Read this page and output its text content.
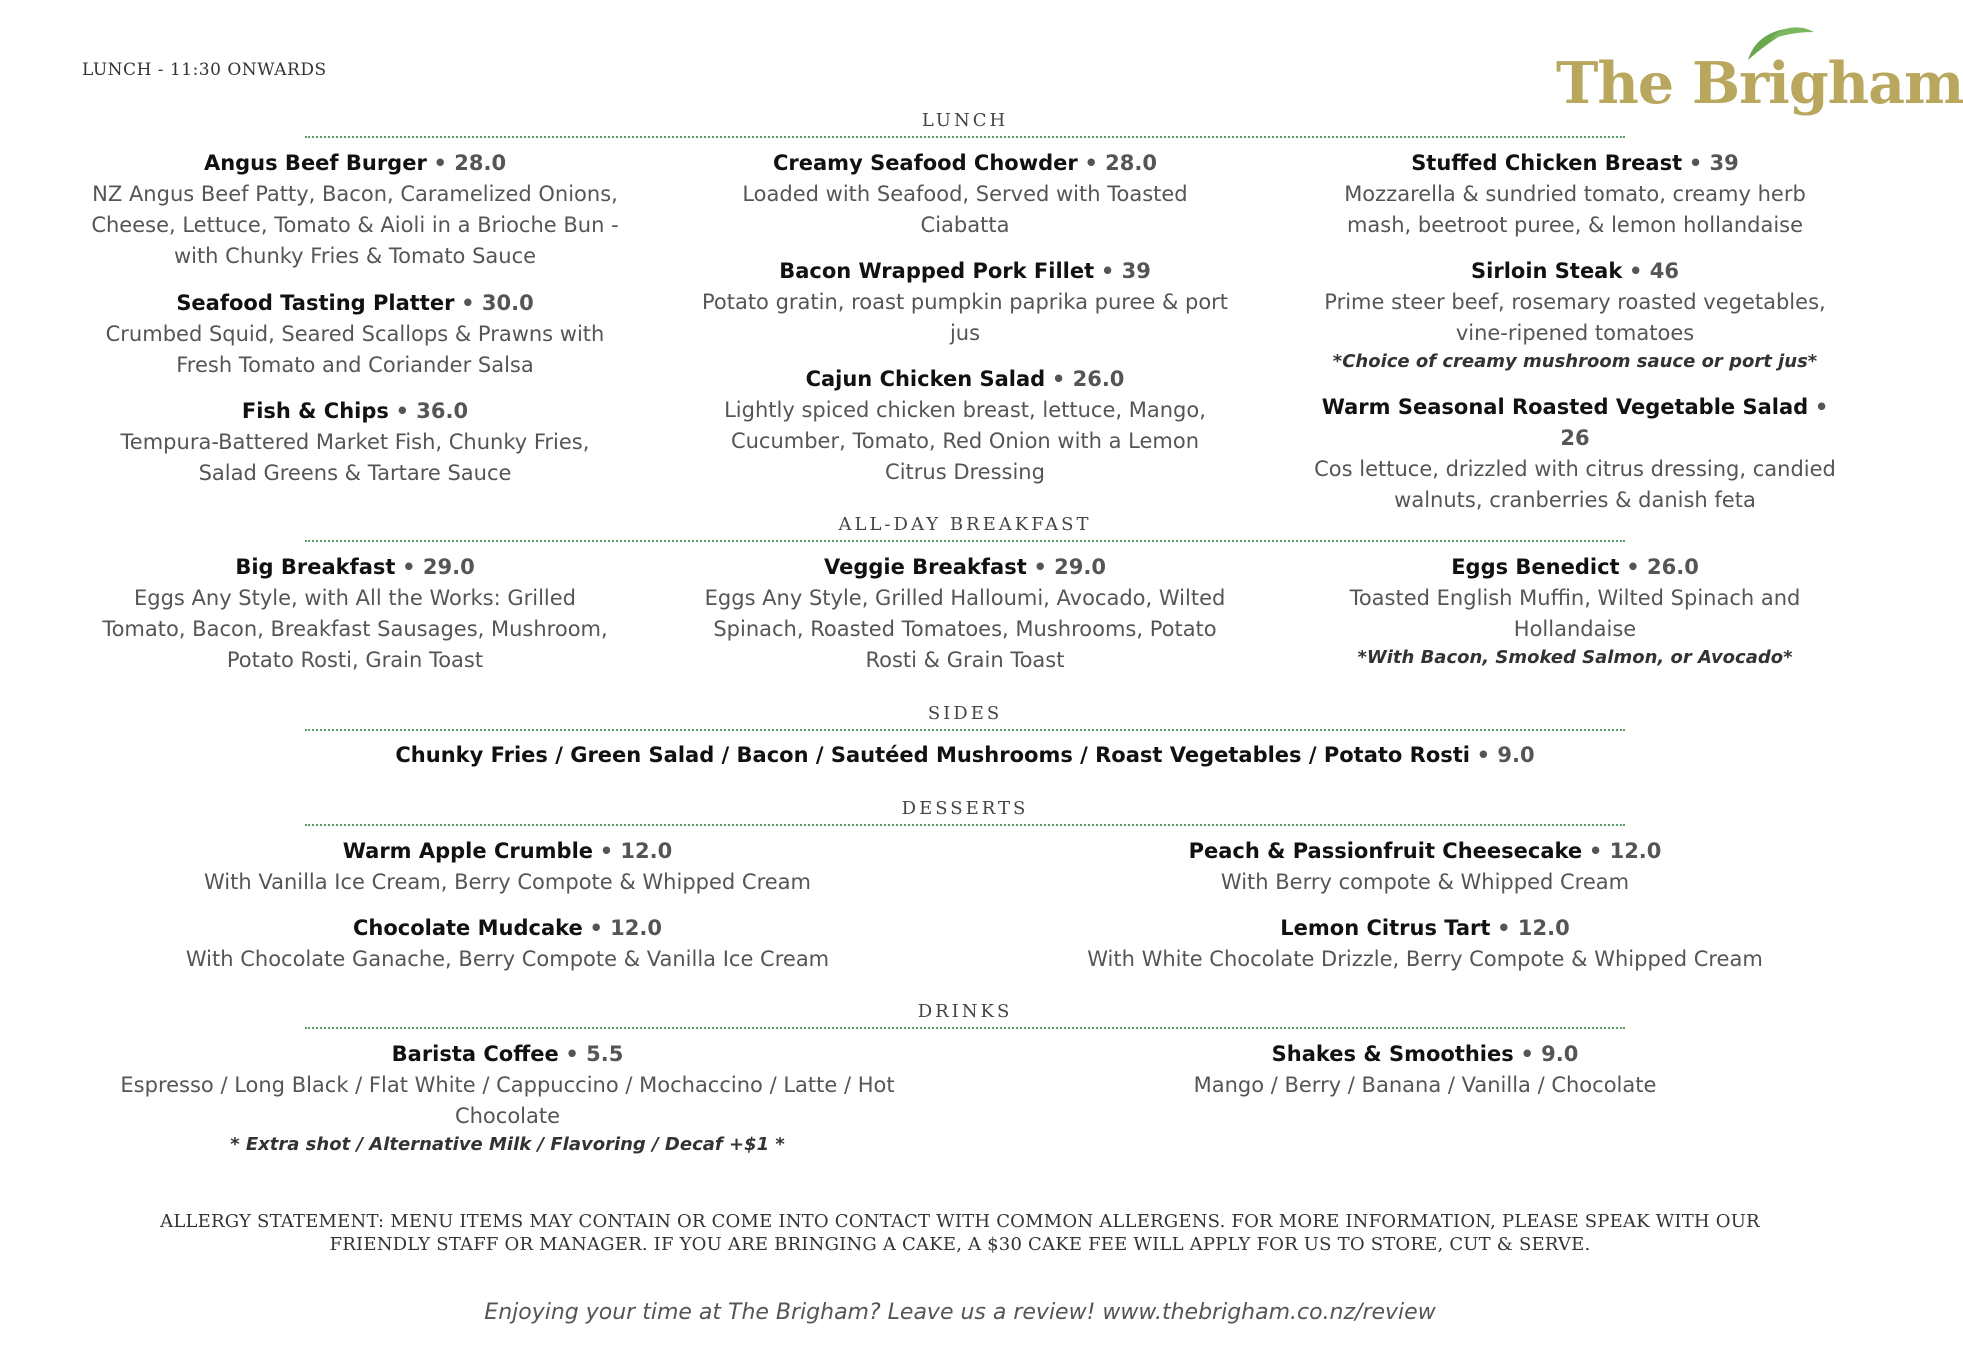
LUNCH - 11:30 ONWARDS	The Brigham
LUNCH
Angus Beef Burger • 28.0
NZ Angus Beef Patty, Bacon, Caramelized Onions, Cheese, Lettuce, Tomato & Aioli in a Brioche Bun - with Chunky Fries & Tomato Sauce
Seafood Tasting Platter • 30.0
Crumbed Squid, Seared Scallops & Prawns with Fresh Tomato and Coriander Salsa
Fish & Chips • 36.0
Tempura-Battered Market Fish, Chunky Fries, Salad Greens & Tartare Sauce
Creamy Seafood Chowder • 28.0
Loaded with Seafood, Served with Toasted Ciabatta
Bacon Wrapped Pork Fillet • 39
Potato gratin, roast pumpkin paprika puree & port jus
Cajun Chicken Salad • 26.0
Lightly spiced chicken breast, lettuce, Mango, Cucumber, Tomato, Red Onion with a Lemon Citrus Dressing
Stuffed Chicken Breast • 39
Mozzarella & sundried tomato, creamy herb mash, beetroot puree, & lemon hollandaise
Sirloin Steak • 46
Prime steer beef, rosemary roasted vegetables, vine-ripened tomatoes
*Choice of creamy mushroom sauce or port jus*
Warm Seasonal Roasted Vegetable Salad • 26
Cos lettuce, drizzled with citrus dressing, candied walnuts, cranberries & danish feta
ALL-DAY BREAKFAST
Big Breakfast • 29.0
Eggs Any Style, with All the Works: Grilled Tomato, Bacon, Breakfast Sausages, Mushroom, Potato Rosti, Grain Toast
Veggie Breakfast • 29.0
Eggs Any Style, Grilled Halloumi, Avocado, Wilted Spinach, Roasted Tomatoes, Mushrooms, Potato Rosti & Grain Toast
Eggs Benedict • 26.0
Toasted English Muffin, Wilted Spinach and Hollandaise
*With Bacon, Smoked Salmon, or Avocado*
SIDES
Chunky Fries / Green Salad / Bacon / Sautéed Mushrooms / Roast Vegetables / Potato Rosti • 9.0
DESSERTS
Warm Apple Crumble • 12.0
With Vanilla Ice Cream, Berry Compote & Whipped Cream
Chocolate Mudcake • 12.0
With Chocolate Ganache, Berry Compote & Vanilla Ice Cream
Peach & Passionfruit Cheesecake • 12.0
With Berry compote & Whipped Cream
Lemon Citrus Tart • 12.0
With White Chocolate Drizzle, Berry Compote & Whipped Cream
DRINKS
Barista Coffee • 5.5
Espresso / Long Black / Flat White / Cappuccino / Mochaccino / Latte / Hot Chocolate
* Extra shot / Alternative Milk / Flavoring / Decaf +$1 *
Shakes & Smoothies • 9.0
Mango / Berry / Banana / Vanilla / Chocolate
ALLERGY STATEMENT: MENU ITEMS MAY CONTAIN OR COME INTO CONTACT WITH COMMON ALLERGENS. FOR MORE INFORMATION, PLEASE SPEAK WITH OUR FRIENDLY STAFF OR MANAGER. IF YOU ARE BRINGING A CAKE, A $30 CAKE FEE WILL APPLY FOR US TO STORE, CUT & SERVE.
Enjoying your time at The Brigham? Leave us a review! www.thebrigham.co.nz/review
